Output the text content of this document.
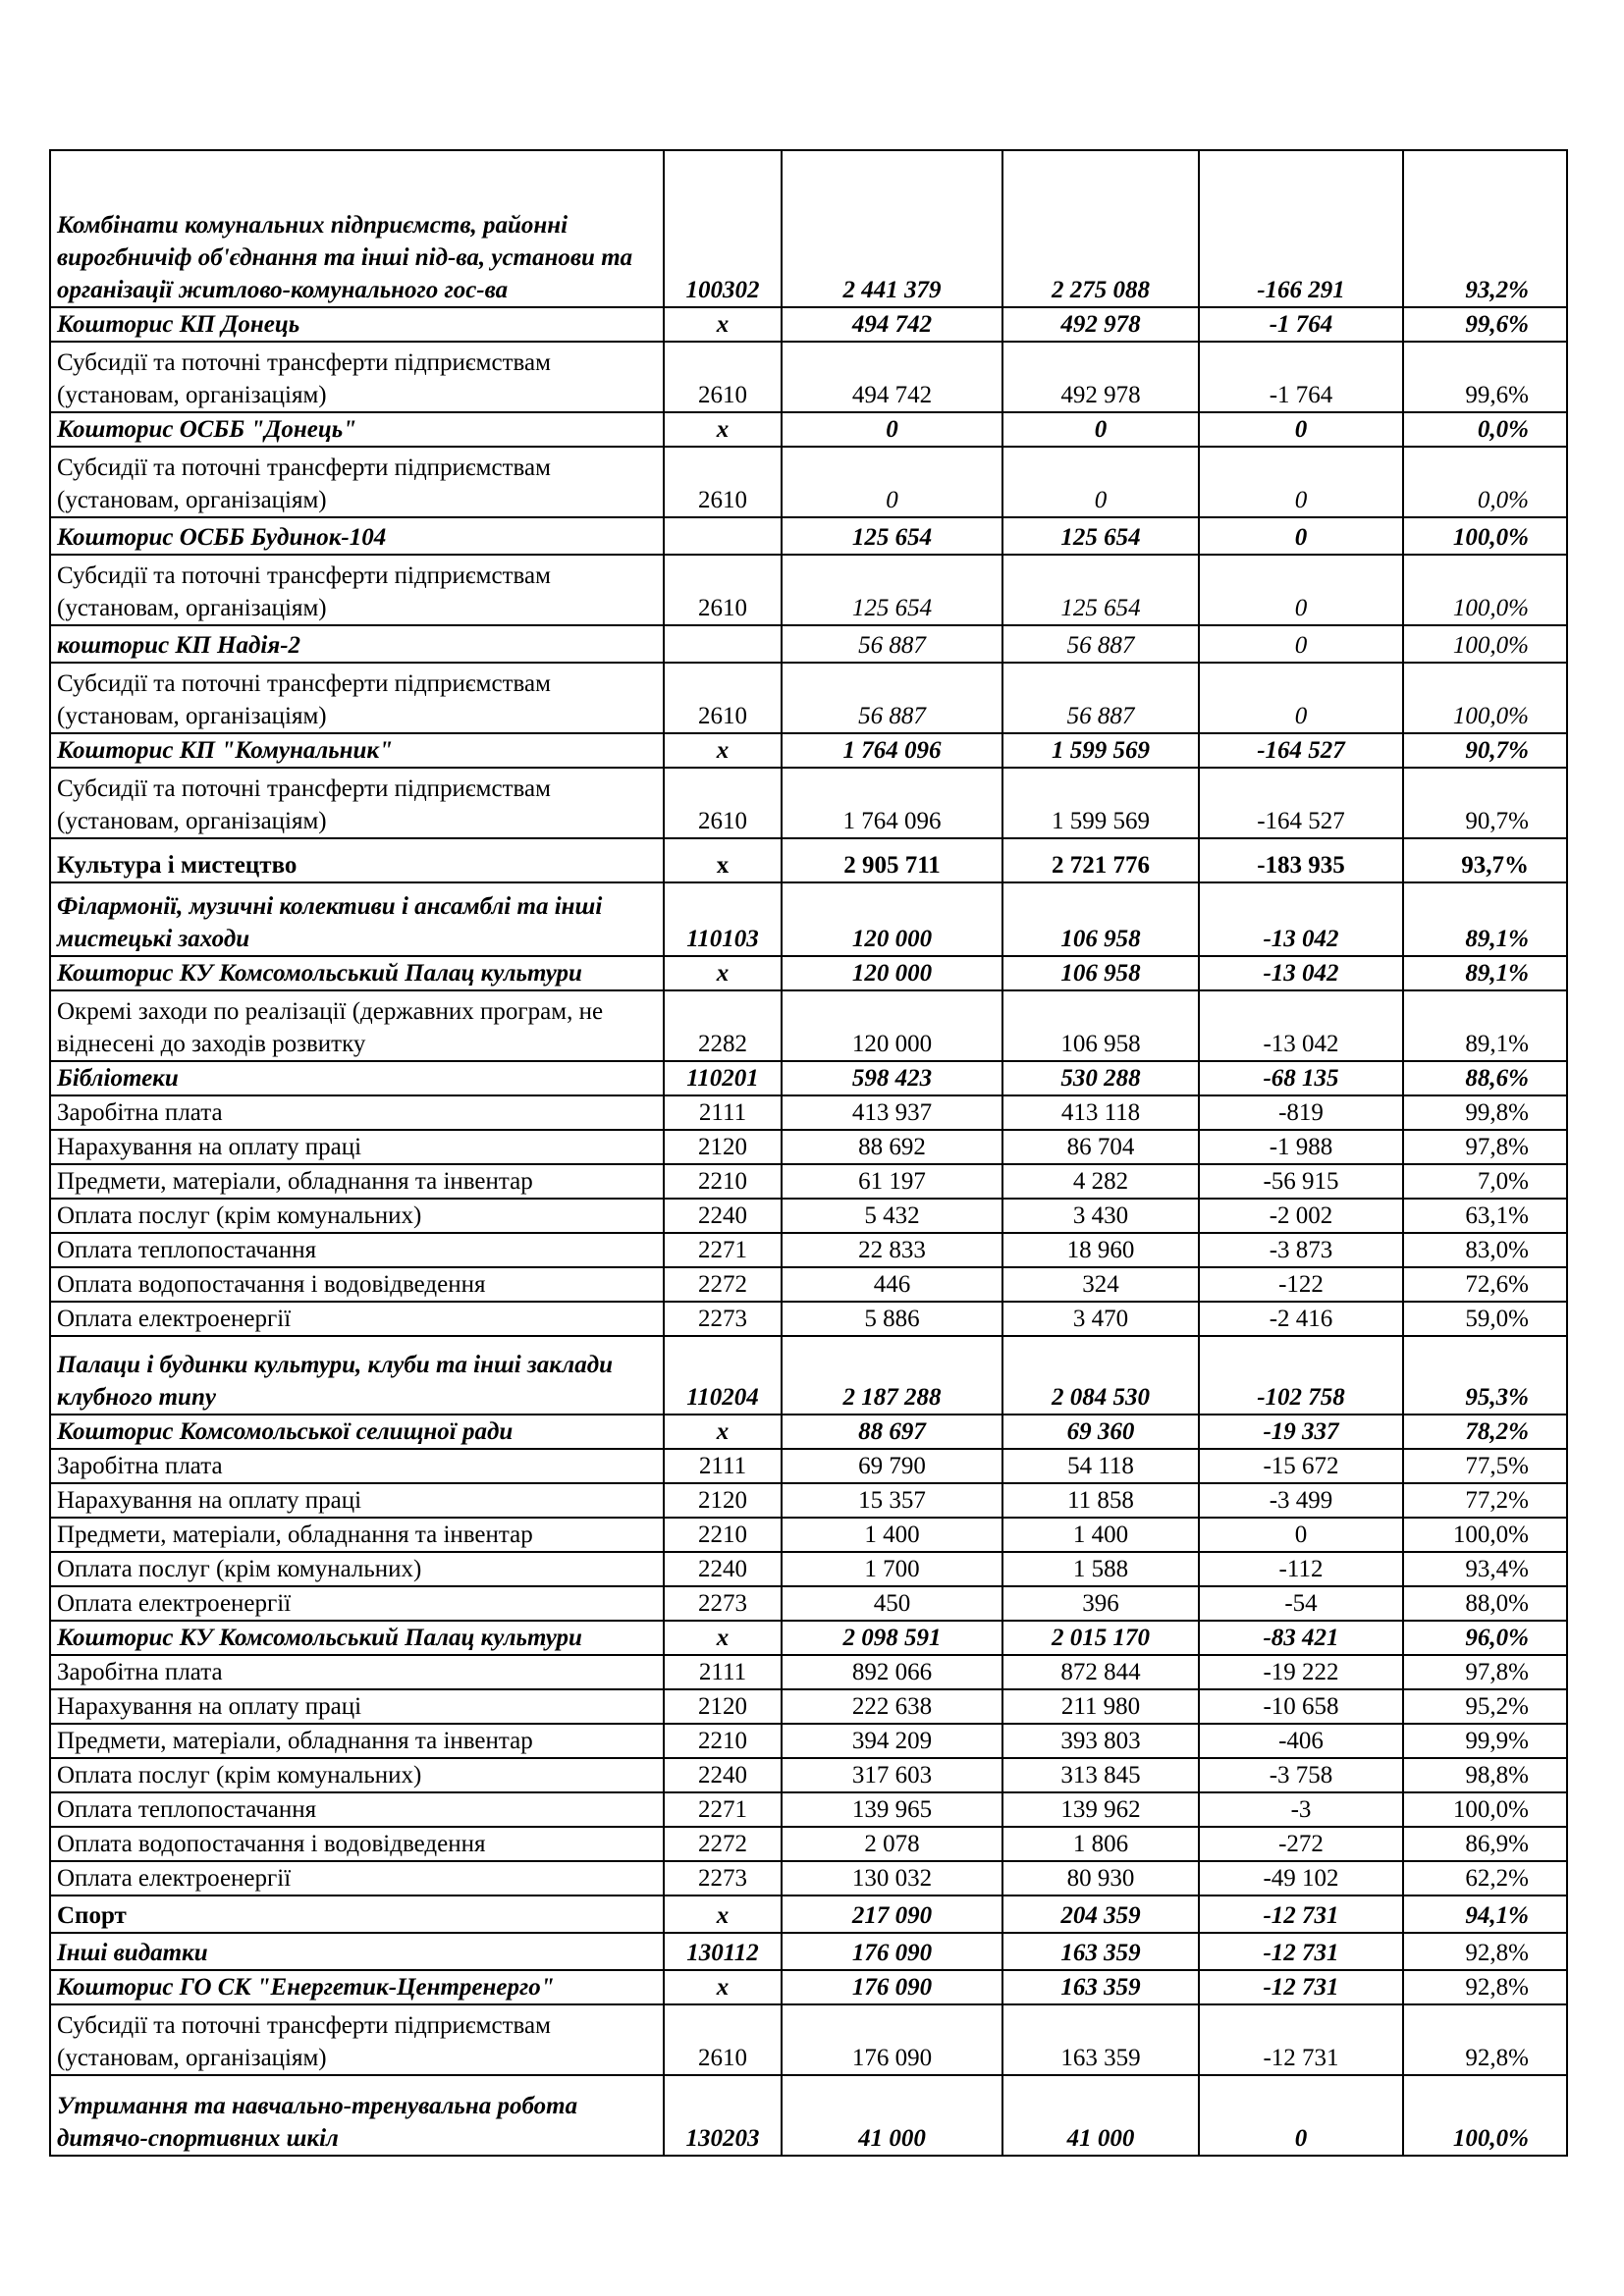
Комбінати комунальних підприємств, районні вирогбничіф об'єднання та інші під-ва, установи та організації житлово-комунального гос-ва	100302	2 441 379	2 275 088	-166 291	93,2%
Кошторис КП Донець	х	494 742	492 978	-1 764	99,6%
Субсидії та поточні трансферти підприємствам (установам, організаціям)	2610	494 742	492 978	-1 764	99,6%
Кошторис ОСББ "Донець"	х	0	0	0	0,0%
Субсидії та поточні трансферти підприємствам (установам, організаціям)	2610	0	0	0	0,0%
Кошторис ОСББ Будинок-104		125 654	125 654	0	100,0%
Субсидії та поточні трансферти підприємствам (установам, організаціям)	2610	125 654	125 654	0	100,0%
кошторис КП Надія-2		56 887	56 887	0	100,0%
Субсидії та поточні трансферти підприємствам (установам, організаціям)	2610	56 887	56 887	0	100,0%
Кошторис КП "Комунальник"	х	1 764 096	1 599 569	-164 527	90,7%
Субсидії та поточні трансферти підприємствам (установам, організаціям)	2610	1 764 096	1 599 569	-164 527	90,7%
Культура і мистецтво	х	2 905 711	2 721 776	-183 935	93,7%
Філармонії, музичні колективи і ансамблі та інші мистецькі заходи	110103	120 000	106 958	-13 042	89,1%
Кошторис КУ Комсомольський Палац культури	х	120 000	106 958	-13 042	89,1%
Окремі заходи по реалізації (державних програм, не віднесені до заходів розвитку	2282	120 000	106 958	-13 042	89,1%
Бібліотеки	110201	598 423	530 288	-68 135	88,6%
Заробітна плата	2111	413 937	413 118	-819	99,8%
Нарахування на оплату праці	2120	88 692	86 704	-1 988	97,8%
Предмети, матеріали, обладнання та інвентар	2210	61 197	4 282	-56 915	7,0%
Оплата послуг (крім комунальних)	2240	5 432	3 430	-2 002	63,1%
Оплата теплопостачання	2271	22 833	18 960	-3 873	83,0%
Оплата водопостачання і водовідведення	2272	446	324	-122	72,6%
Оплата електроенергії	2273	5 886	3 470	-2 416	59,0%
Палаци і будинки культури, клуби та інші заклади клубного типу	110204	2 187 288	2 084 530	-102 758	95,3%
Кошторис Комсомольської селищної ради	х	88 697	69 360	-19 337	78,2%
Заробітна плата	2111	69 790	54 118	-15 672	77,5%
Нарахування на оплату праці	2120	15 357	11 858	-3 499	77,2%
Предмети, матеріали, обладнання та інвентар	2210	1 400	1 400	0	100,0%
Оплата послуг (крім комунальних)	2240	1 700	1 588	-112	93,4%
Оплата електроенергії	2273	450	396	-54	88,0%
Кошторис КУ Комсомольський Палац культури	х	2 098 591	2 015 170	-83 421	96,0%
Заробітна плата	2111	892 066	872 844	-19 222	97,8%
Нарахування на оплату праці	2120	222 638	211 980	-10 658	95,2%
Предмети, матеріали, обладнання та інвентар	2210	394 209	393 803	-406	99,9%
Оплата послуг (крім комунальних)	2240	317 603	313 845	-3 758	98,8%
Оплата теплопостачання	2271	139 965	139 962	-3	100,0%
Оплата водопостачання і водовідведення	2272	2 078	1 806	-272	86,9%
Оплата електроенергії	2273	130 032	80 930	-49 102	62,2%
Спорт	х	217 090	204 359	-12 731	94,1%
Інші видатки	130112	176 090	163 359	-12 731	92,8%
Кошторис ГО СК "Енергетик-Центренерго"	х	176 090	163 359	-12 731	92,8%
Субсидії та поточні трансферти підприємствам (установам, організаціям)	2610	176 090	163 359	-12 731	92,8%
Утримання та навчально-тренувальна робота дитячо-спортивних шкіл	130203	41 000	41 000	0	100,0%
